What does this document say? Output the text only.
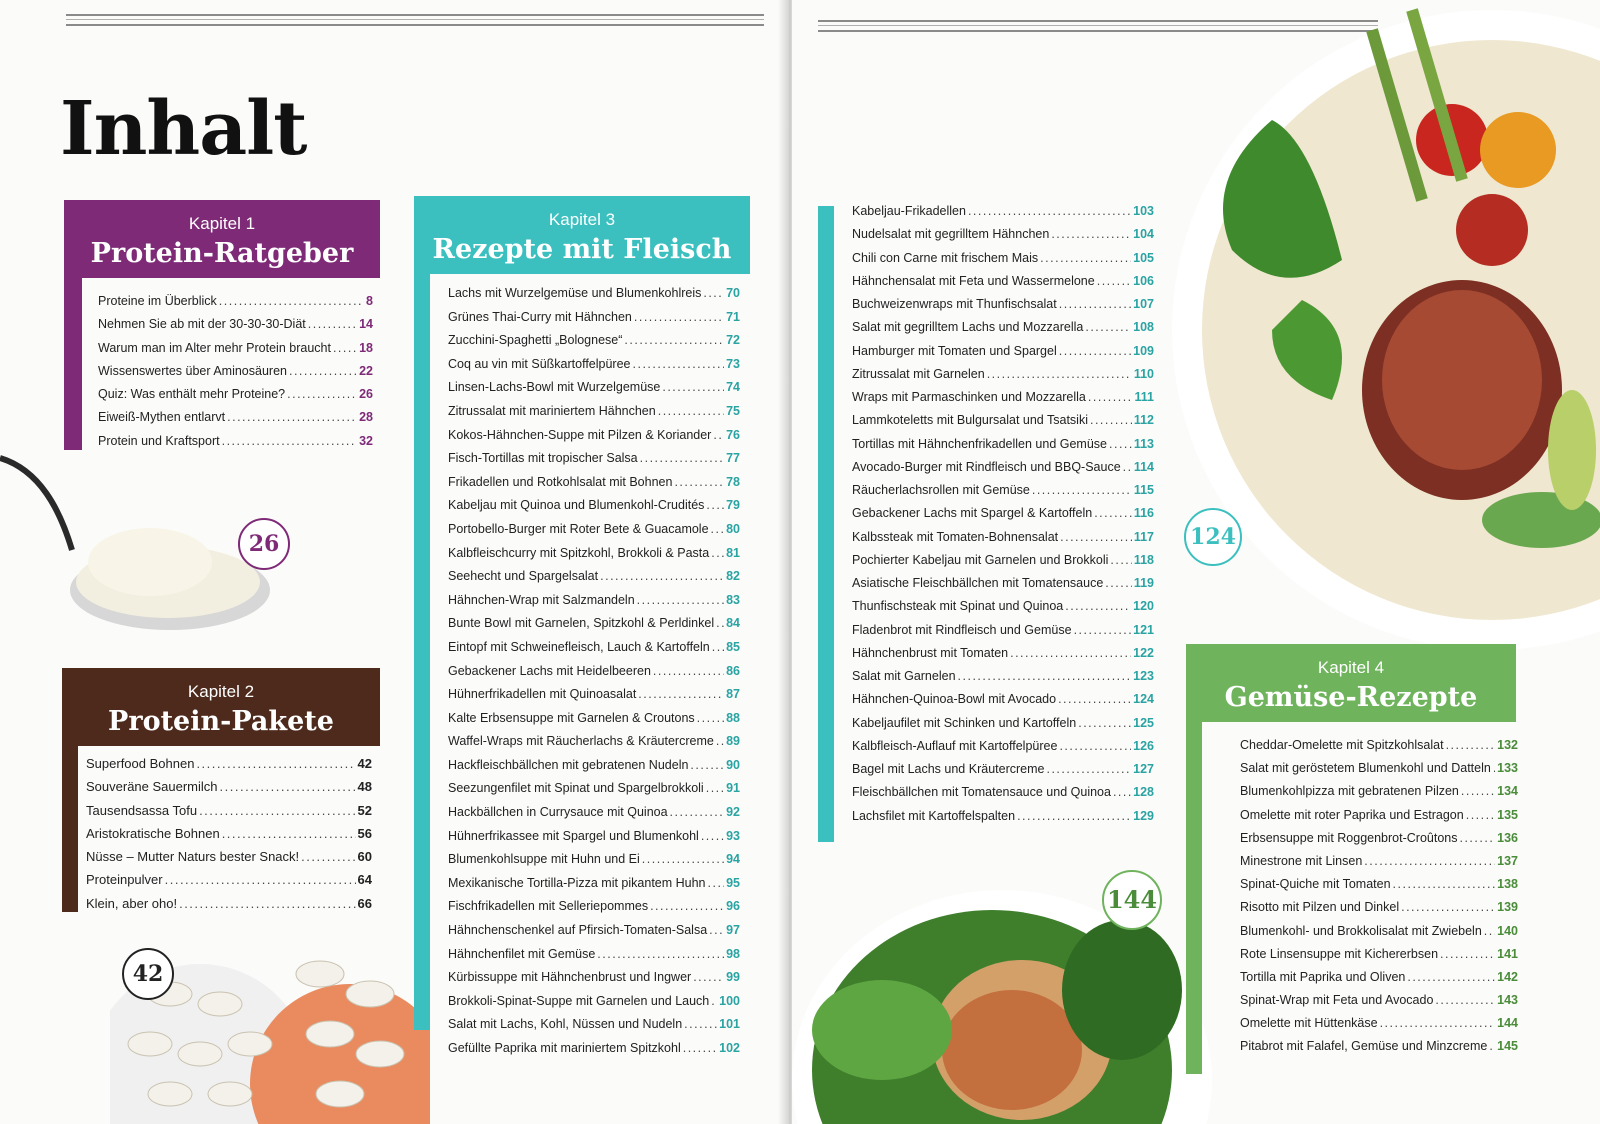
Inhalt
Kapitel 1
Protein-Ratgeber
Proteine im Überblick .....	8
Nehmen Sie ab mit der 30-30-30-Diät .....	14
Warum man im Alter mehr Protein braucht ..... 18
Wissenswertes über Aminosäuren .....	22
Quiz: Was enthält mehr Proteine? .....	26
Eiweiß-Mythen entlarvt .....	28
Protein und Kraftsport .....	32
26
Kapitel 2
Protein-Pakete
Superfood Bohnen .....	42
Souveräne Sauermilch .....	48
Tausendsassa Tofu .....	52
Aristokratische Bohnen .....	56
Nüsse – Mutter Naturs bester Snack! .....	60
Proteinpulver .....	64
Klein, aber oho! .....	66
42
Kapitel 3
Rezepte mit Fleisch
Lachs mit Wurzelgemüse und Blumenkohlreis ..... 70
Grünes Thai-Curry mit Hähnchen .....	71
Zucchini-Spaghetti „Bolognese“ .....	72
Coq au vin mit Süßkartoffelpüree .....	73
Linsen-Lachs-Bowl mit Wurzelgemüse .....	74
Zitrussalat mit mariniertem Hähnchen .....	75
Kokos-Hähnchen-Suppe mit Pilzen & Koriander ..... 76
Fisch-Tortillas mit tropischer Salsa .....	77
Frikadellen und Rotkohlsalat mit Bohnen .....	78
Kabeljau mit Quinoa und Blumenkohl-Crudités ..... 79
Portobello-Burger mit Roter Bete & Guacamole ..... 80
Kalbfleischcurry mit Spitzkohl, Brokkoli & Pasta ..... 81
Seehecht und Spargelsalat .....	82
Hähnchen-Wrap mit Salzmandeln .....	83
Bunte Bowl mit Garnelen, Spitzkohl & Perldinkel ..... 84
Eintopf mit Schweinefleisch, Lauch & Kartoffeln ..... 85
Gebackener Lachs mit Heidelbeeren .....	86
Hühnerfrikadellen mit Quinoasalat .....	87
Kalte Erbsensuppe mit Garnelen & Croutons .....	88
Waffel-Wraps mit Räucherlachs & Kräutercreme ..... 89
Hackfleischbällchen mit gebratenen Nudeln .....	90
Seezungenfilet mit Spinat und Spargelbrokkoli ..... 91
Hackbällchen in Currysauce mit Quinoa .....	92
Hühnerfrikassee mit Spargel und Blumenkohl ..... 93
Blumenkohlsuppe mit Huhn und Ei .....	94
Mexikanische Tortilla-Pizza mit pikantem Huhn ..... 95
Fischfrikadellen mit Selleriepommes .....	96
Hähnchenschenkel auf Pfirsich-Tomaten-Salsa ..... 97
Hähnchenfilet mit Gemüse .....	98
Kürbissuppe mit Hähnchenbrust und Ingwer .....	99
Brokkoli-Spinat-Suppe mit Garnelen und Lauch ..... 100
Salat mit Lachs, Kohl, Nüssen und Nudeln .....	101
Gefüllte Paprika mit mariniertem Spitzkohl .....	102
124
Kabeljau-Frikadellen .....	103
Nudelsalat mit gegrilltem Hähnchen .....	104
Chili con Carne mit frischem Mais .....	105
Hähnchensalat mit Feta und Wassermelone .....	106
Buchweizenwraps mit Thunfischsalat .....	107
Salat mit gegrilltem Lachs und Mozzarella .....	108
Hamburger mit Tomaten und Spargel .....	109
Zitrussalat mit Garnelen .....	110
Wraps mit Parmaschinken und Mozzarella .....	111
Lammkoteletts mit Bulgursalat und Tsatsiki .....	112
Tortillas mit Hähnchenfrikadellen und Gemüse ..... 113
Avocado-Burger mit Rindfleisch und BBQ-Sauce ..... 114
Räucherlachsrollen mit Gemüse .....	115
Gebackener Lachs mit Spargel & Kartoffeln .....	116
Kalbssteak mit Tomaten-Bohnensalat .....	117
Pochierter Kabeljau mit Garnelen und Brokkoli ..... 118
Asiatische Fleischbällchen mit Tomatensauce ..... 119
Thunfischsteak mit Spinat und Quinoa .....	120
Fladenbrot mit Rindfleisch und Gemüse .....	121
Hähnchenbrust mit Tomaten .....	122
Salat mit Garnelen .....	123
Hähnchen-Quinoa-Bowl mit Avocado .....	124
Kabeljaufilet mit Schinken und Kartoffeln .....	125
Kalbfleisch-Auflauf mit Kartoffelpüree .....	126
Bagel mit Lachs und Kräutercreme .....	127
Fleischbällchen mit Tomatensauce und Quinoa ..... 128
Lachsfilet mit Kartoffelspalten .....	129
144
Kapitel 4
Gemüse-Rezepte
Cheddar-Omelette mit Spitzkohlsalat .....	132
Salat mit geröstetem Blumenkohl und Datteln ..... 133
Blumenkohlpizza mit gebratenen Pilzen .....	134
Omelette mit roter Paprika und Estragon .....	135
Erbsensuppe mit Roggenbrot-Croûtons .....	136
Minestrone mit Linsen .....	137
Spinat-Quiche mit Tomaten .....	138
Risotto mit Pilzen und Dinkel .....	139
Blumenkohl- und Brokkolisalat mit Zwiebeln ..... 140
Rote Linsensuppe mit Kichererbsen .....	141
Tortilla mit Paprika und Oliven .....	142
Spinat-Wrap mit Feta und Avocado .....	143
Omelette mit Hüttenkäse .....	144
Pitabrot mit Falafel, Gemüse und Minzcreme ..... 145
